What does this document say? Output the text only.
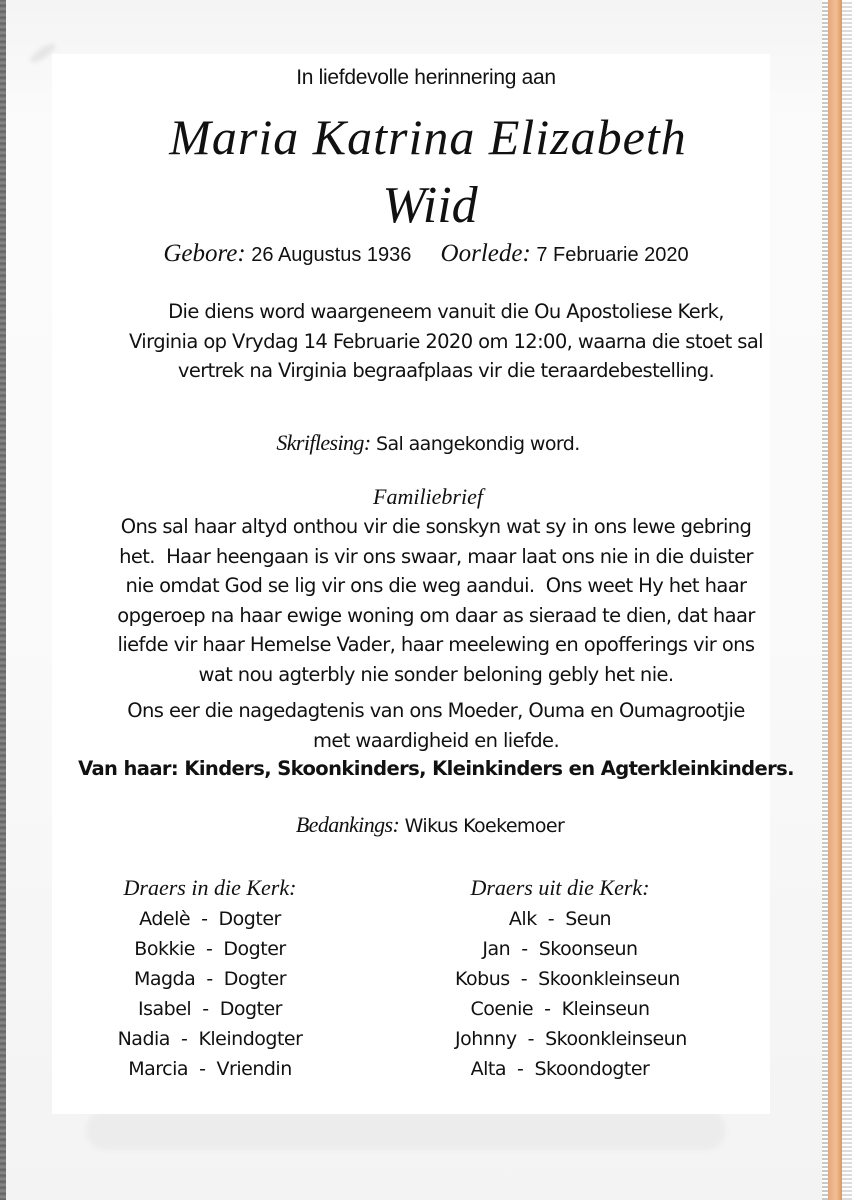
In liefdevolle herinnering aan
Maria Katrina Elizabeth
Wiid
Gebore: 26 Augustus 1936 Oorlede: 7 Februarie 2020
Die diens word waargeneem vanuit die Ou Apostoliese Kerk,
Virginia op Vrydag 14 Februarie 2020 om 12:00, waarna die stoet sal
vertrek na Virginia begraafplaas vir die teraardebestelling.
Skriflesing: Sal aangekondig word.
Familiebrief
Ons sal haar altyd onthou vir die sonskyn wat sy in ons lewe gebring
het.  Haar heengaan is vir ons swaar, maar laat ons nie in die duister
nie omdat God se lig vir ons die weg aandui.  Ons weet Hy het haar
opgeroep na haar ewige woning om daar as sieraad te dien, dat haar
liefde vir haar Hemelse Vader, haar meelewing en opofferings vir ons
wat nou agterbly nie sonder beloning gebly het nie.
Ons eer die nagedagtenis van ons Moeder, Ouma en Oumagrootjie
met waardigheid en liefde.
Van haar: Kinders, Skoonkinders, Kleinkinders en Agterkleinkinders.
Bedankings: Wikus Koekemoer
Draers in die Kerk:
Adelè  -  Dogter
Bokkie  -  Dogter
Magda  -  Dogter
Isabel  -  Dogter
Nadia  -  Kleindogter
Marcia  -  Vriendin
Draers uit die Kerk:
Alk  -  Seun
Jan  -  Skoonseun
Kobus  -  Skoonkleinseun
Coenie  -  Kleinseun
Johnny  -  Skoonkleinseun
Alta  -  Skoondogter
